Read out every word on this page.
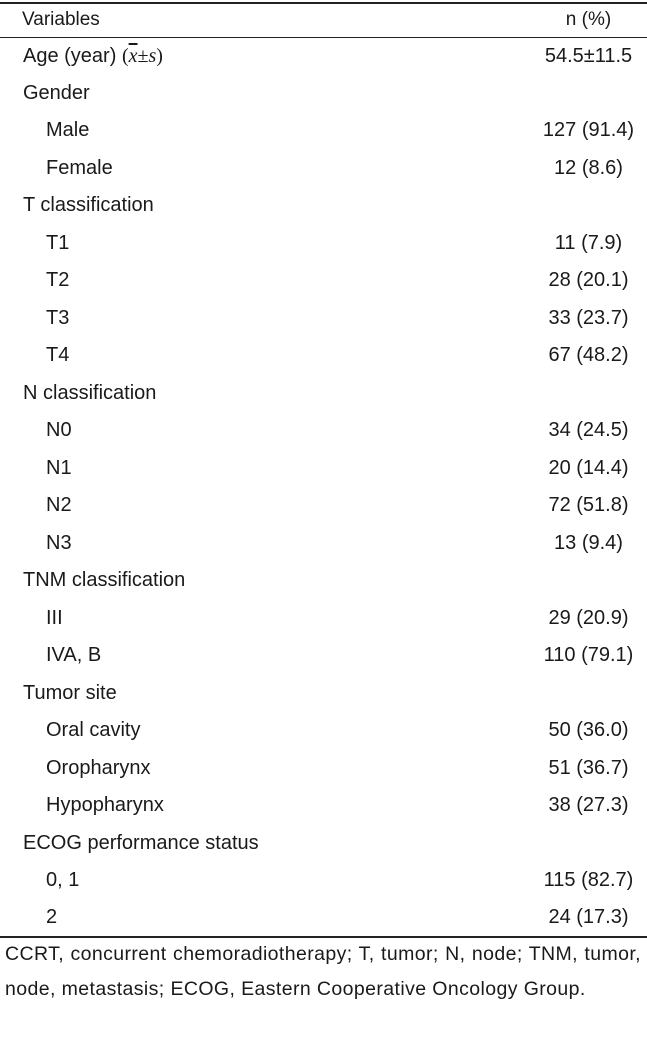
Variables	n (%)
Age (year) $(\overline{x}\pm s)$	54.5±11.5
Gender	
Male	127 (91.4)
Female	12 (8.6)
T classification	
T1	11 (7.9)
T2	28 (20.1)
T3	33 (23.7)
T4	67 (48.2)
N classification	
N0	34 (24.5)
N1	20 (14.4)
N2	72 (51.8)
N3	13 (9.4)
TNM classification	
III	29 (20.9)
IVA, B	110 (79.1)
Tumor site	
Oral cavity	50 (36.0)
Oropharynx	51 (36.7)
Hypopharynx	38 (27.3)
ECOG performance status	
0, 1	115 (82.7)
2	24 (17.3)
CCRT, concurrent chemoradiotherapy; T, tumor; N, node; TNM, tumor, node, metastasis; ECOG, Eastern Cooperative Oncology Group.
